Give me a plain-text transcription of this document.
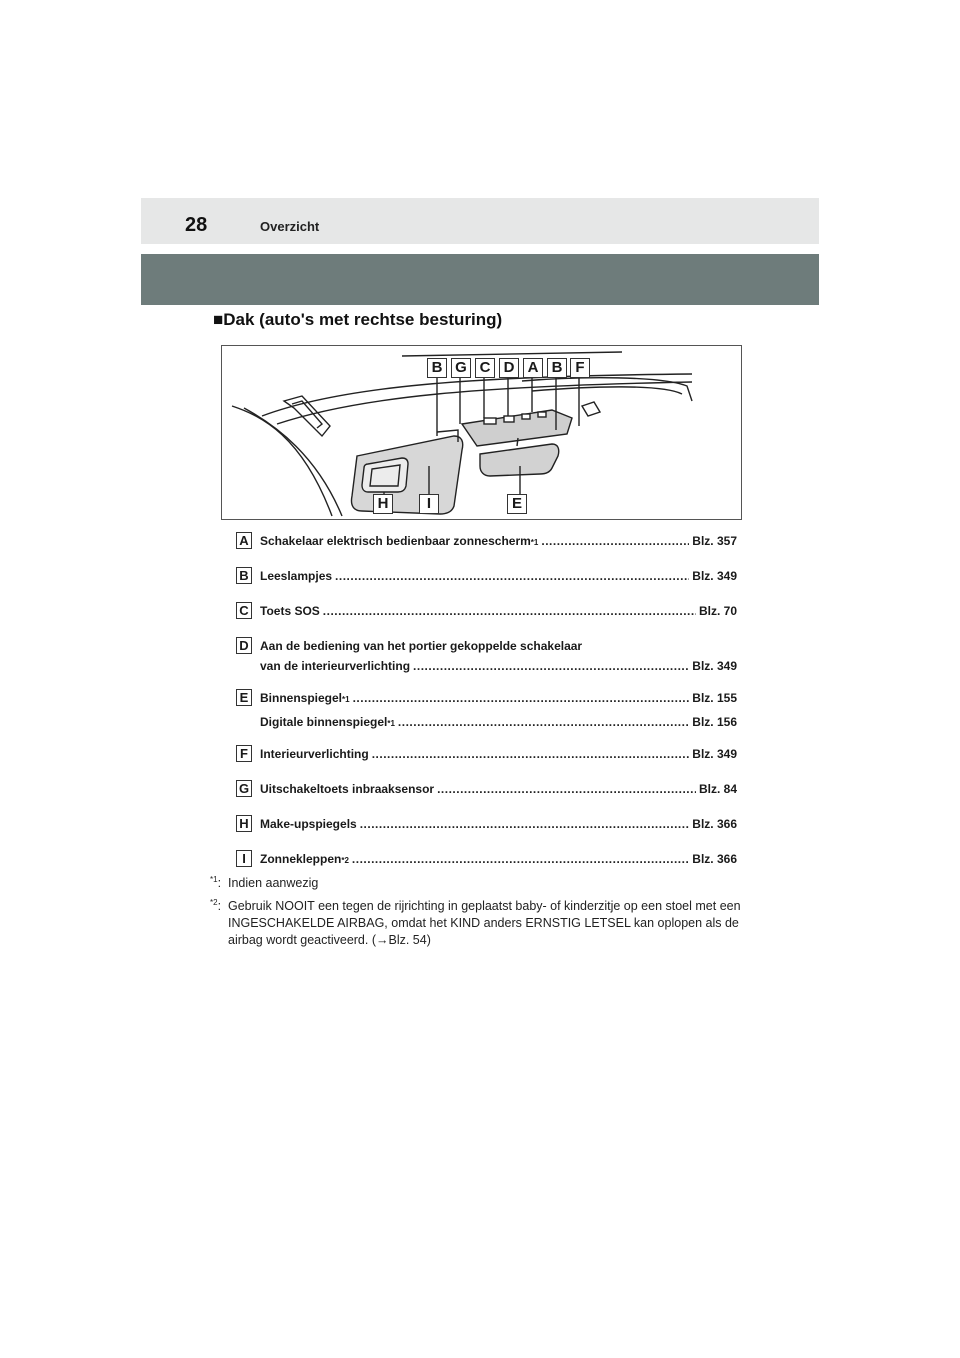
28	Overzicht
■Dak (auto's met rechtse besturing)
B G C D A B F
H	I	E
A Schakelaar elektrisch bedienbaar zonnescherm *1 .....	Blz. 357
B Leeslampjes .....	Blz. 349
C Toets SOS .....	Blz. 70
D Aan de bediening van het portier gekoppelde schakelaar
van de interieurverlichting .....	Blz. 349
E Binnenspiegel *1 .....	Blz. 155
Digitale binnenspiegel *1 .....	Blz. 156
F	Interieurverlichting .....	Blz. 349
G Uitschakeltoets inbraaksensor .....	Blz. 84
H Make-upspiegels .....	Blz. 366
I	Zonnekleppen *2 .....	Blz. 366
$^{*1}$: Indien aanwezig
$^{*2}$: Gebruik NOOIT een tegen de rijrichting in geplaatst baby- of kinderzitje op een stoel met een INGESCHAKELDE AIRBAG, omdat het KIND anders ERNSTIG LETSEL kan oplopen als de airbag wordt geactiveerd. (→Blz. 54)
